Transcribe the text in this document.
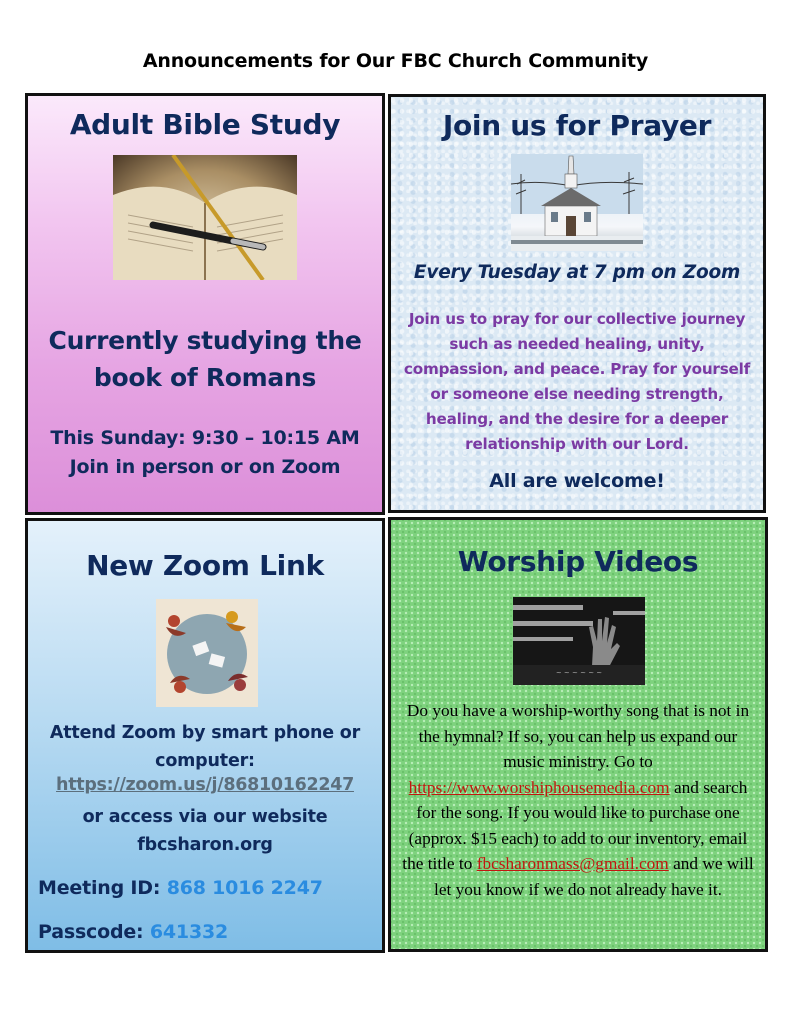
Announcements for Our FBC Church Community
Adult Bible Study
Currently studying the
book of Romans
This Sunday: 9:30 – 10:15 AM
Join in person or on Zoom
Join us for Prayer
Every Tuesday at 7 pm on Zoom
Join us to pray for our collective journey
such as needed healing, unity,
compassion, and peace. Pray for yourself
or someone else needing strength,
healing, and the desire for a deeper
relationship with our Lord.
All are welcome!
New Zoom Link
Attend Zoom by smart phone or
computer:
https://zoom.us/j/86810162247
or access via our website
fbcsharon.org
Meeting ID: 868 1016 2247
Passcode: 641332
Worship Videos
~ ~ ~ ~ ~ ~
Do you have a worship-worthy song that is not in the hymnal? If so, you can help us expand our music ministry. Go to https://www.worshiphousemedia.com and search for the song. If you would like to purchase one (approx. $15 each) to add to our inventory, email the title to fbcsharonmass@gmail.com and we will let you know if we do not already have it.
